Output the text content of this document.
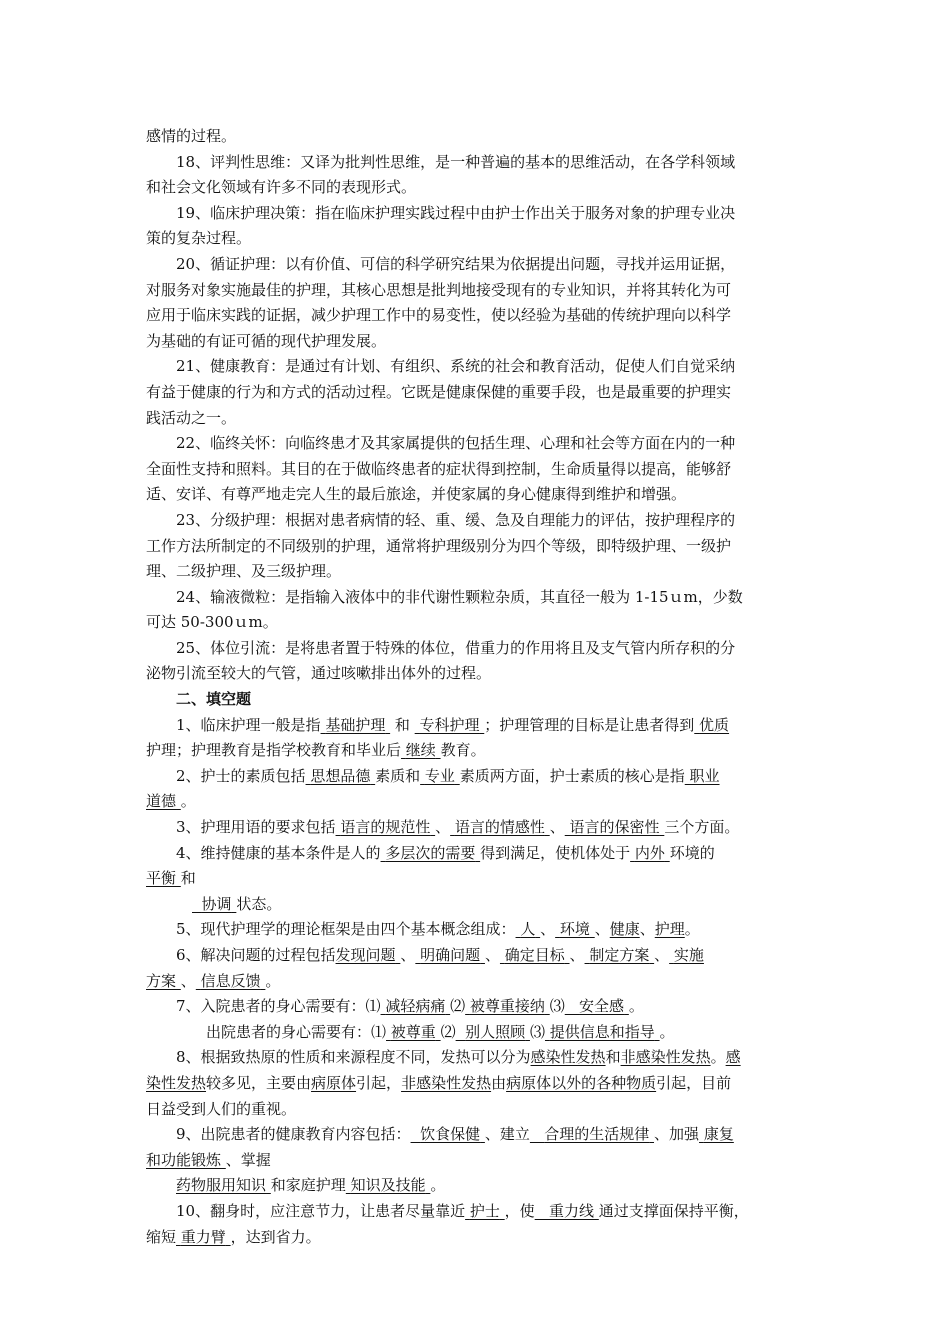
感情的过程。
18、评判性思维：又译为批判性思维，是一种普遍的基本的思维活动，在各学科领域
和社会文化领域有许多不同的表现形式。
19、临床护理决策：指在临床护理实践过程中由护士作出关于服务对象的护理专业决
策的复杂过程。
20、循证护理：以有价值、可信的科学研究结果为依据提出问题，寻找并运用证据，
对服务对象实施最佳的护理，其核心思想是批判地接受现有的专业知识，并将其转化为可
应用于临床实践的证据，减少护理工作中的易变性，使以经验为基础的传统护理向以科学
为基础的有证可循的现代护理发展。
21、健康教育：是通过有计划、有组织、系统的社会和教育活动，促使人们自觉采纳
有益于健康的行为和方式的活动过程。它既是健康保健的重要手段，也是最重要的护理实
践活动之一。
22、临终关怀：向临终患才及其家属提供的包括生理、心理和社会等方面在内的一种
全面性支持和照料。其目的在于做临终患者的症状得到控制，生命质量得以提高，能够舒
适、安详、有尊严地走完人生的最后旅途，并使家属的身心健康得到维护和增强。
23、分级护理：根据对患者病情的轻、重、缓、急及自理能力的评估，按护理程序的
工作方法所制定的不同级别的护理，通常将护理级别分为四个等级，即特级护理、一级护
理、二级护理、及三级护理。
24、输液微粒：是指输入液体中的非代谢性颗粒杂质，其直径一般为 1-15ｕm，少数
可达 50-300ｕm。
25、体位引流：是将患者置于特殊的体位，借重力的作用将且及支气管内所存积的分
泌物引流至较大的气管，通过咳嗽排出体外的过程。
二、填空题
1、临床护理一般是指 基础护理  和  专科护理 ；护理管理的目标是让患者得到 优质
护理；护理教育是指学校教育和毕业后 继续 教育。
2、护士的素质包括 思想品德 素质和 专业 素质两方面，护士素质的核心是指 职业
道德 。
3、护理用语的要求包括 语言的规范性 、 语言的情感性 、 语言的保密性 三个方面。
4、维持健康的基本条件是人的 多层次的需要 得到满足，使机体处于 内外 环境的
平衡 和
协调 状态。
5、现代护理学的理论框架是由四个基本概念组成： 人 、 环境 、健康、护理。
6、解决问题的过程包括发现问题 、 明确问题 、 确定目标 、 制定方案 、 实施
方案 、 信息反馈 。
7、入院患者的身心需要有：⑴ 减轻病痛 ⑵ 被尊重接纳 ⑶ 安全感 。
出院患者的身心需要有：⑴ 被尊重 ⑵ 别人照顾 ⑶ 提供信息和指导 。
8、根据致热原的性质和来源程度不同，发热可以分为感染性发热和非感染性发热。感
染性发热较多见，主要由病原体引起，非感染性发热由病原体以外的各种物质引起，目前
日益受到人们的重视。
9、出院患者的健康教育内容包括： 饮食保健 、建立 合理的生活规律 、加强 康复
和功能锻炼 、掌握
药物服用知识 和家庭护理 知识及技能 。
10、翻身时，应注意节力，让患者尽量靠近 护士 ，使 重力线 通过支撑面保持平衡，
缩短 重力臂 ，达到省力。
